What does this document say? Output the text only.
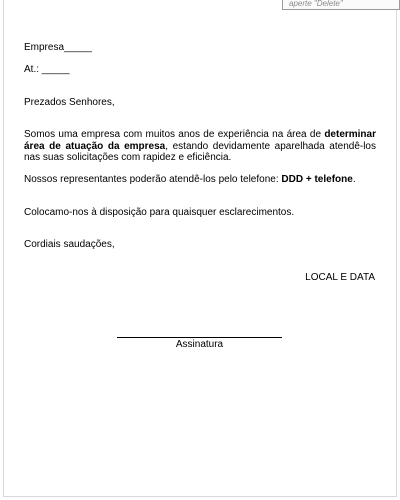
aperte "Delete"
Empresa_____
At.: _____
Prezados Senhores,
Somos uma empresa com muitos anos de experiência na área de determinar área de atuação da empresa, estando devidamente aparelhada atendê-los nas suas solicitações com rapidez e eficiência.
Nossos representantes poderão atendê-los pelo telefone: DDD + telefone.
Colocamo-nos à disposição para quaisquer esclarecimentos.
Cordiais saudações,
LOCAL E DATA
Assinatura
